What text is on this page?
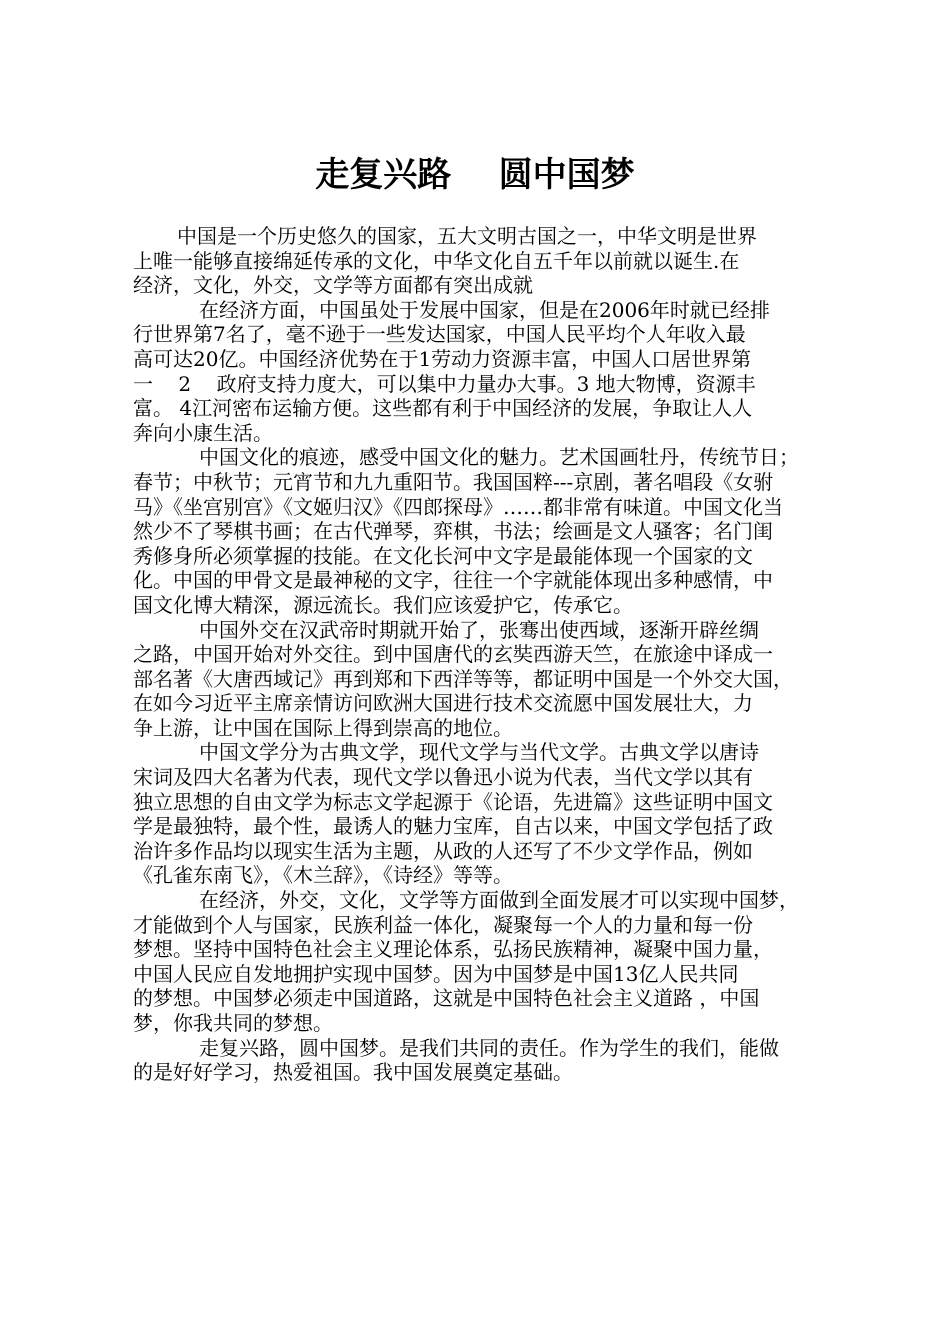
走复兴路    圆中国梦
中国是一个历史悠久的国家，五大文明古国之一，中华文明是世界
上唯一能够直接绵延传承的文化，中华文化自五千年以前就以诞生.在
经济，文化，外交，文学等方面都有突出成就
在经济方面，中国虽处于发展中国家，但是在2006年时就已经排
行世界第7名了，毫不逊于一些发达国家，中国人民平均个人年收入最
高可达20亿。中国经济优势在于1劳动力资源丰富，中国人口居世界第
一    2    政府支持力度大，可以集中力量办大事。3 地大物博，资源丰
富。 4江河密布运输方便。这些都有利于中国经济的发展，争取让人人
奔向小康生活。
中国文化的痕迹，感受中国文化的魅力。艺术国画牡丹，传统节日；
春节；中秋节；元宵节和九九重阳节。我国国粹---京剧，著名唱段《女驸
马》《坐宫别宫》《文姬归汉》《四郎探母》……都非常有味道。中国文化当
然少不了琴棋书画；在古代弹琴，弈棋，书法；绘画是文人骚客；名门闺
秀修身所必须掌握的技能。在文化长河中文字是最能体现一个国家的文
化。中国的甲骨文是最神秘的文字，往往一个字就能体现出多种感情，中
国文化博大精深，源远流长。我们应该爱护它，传承它。
中国外交在汉武帝时期就开始了，张骞出使西域，逐渐开辟丝绸
之路，中国开始对外交往。到中国唐代的玄奘西游天竺，在旅途中译成一
部名著《大唐西域记》再到郑和下西洋等等，都证明中国是一个外交大国，
在如今习近平主席亲情访问欧洲大国进行技术交流愿中国发展壮大，力
争上游，让中国在国际上得到崇高的地位。
中国文学分为古典文学，现代文学与当代文学。古典文学以唐诗
宋词及四大名著为代表，现代文学以鲁迅小说为代表，当代文学以其有
独立思想的自由文学为标志文学起源于《论语，先进篇》这些证明中国文
学是最独特，最个性，最诱人的魅力宝库，自古以来，中国文学包括了政
治许多作品均以现实生活为主题，从政的人还写了不少文学作品，例如
《孔雀东南飞》，《木兰辞》，《诗经》等等。
在经济，外交，文化，文学等方面做到全面发展才可以实现中国梦，
才能做到个人与国家，民族利益一体化，凝聚每一个人的力量和每一份
梦想。坚持中国特色社会主义理论体系，弘扬民族精神，凝聚中国力量，
中国人民应自发地拥护实现中国梦。因为中国梦是中国13亿人民共同
的梦想。中国梦必须走中国道路，这就是中国特色社会主义道路 ，中国
梦，你我共同的梦想。
走复兴路，圆中国梦。是我们共同的责任。作为学生的我们，能做
的是好好学习，热爱祖国。我中国发展奠定基础。
